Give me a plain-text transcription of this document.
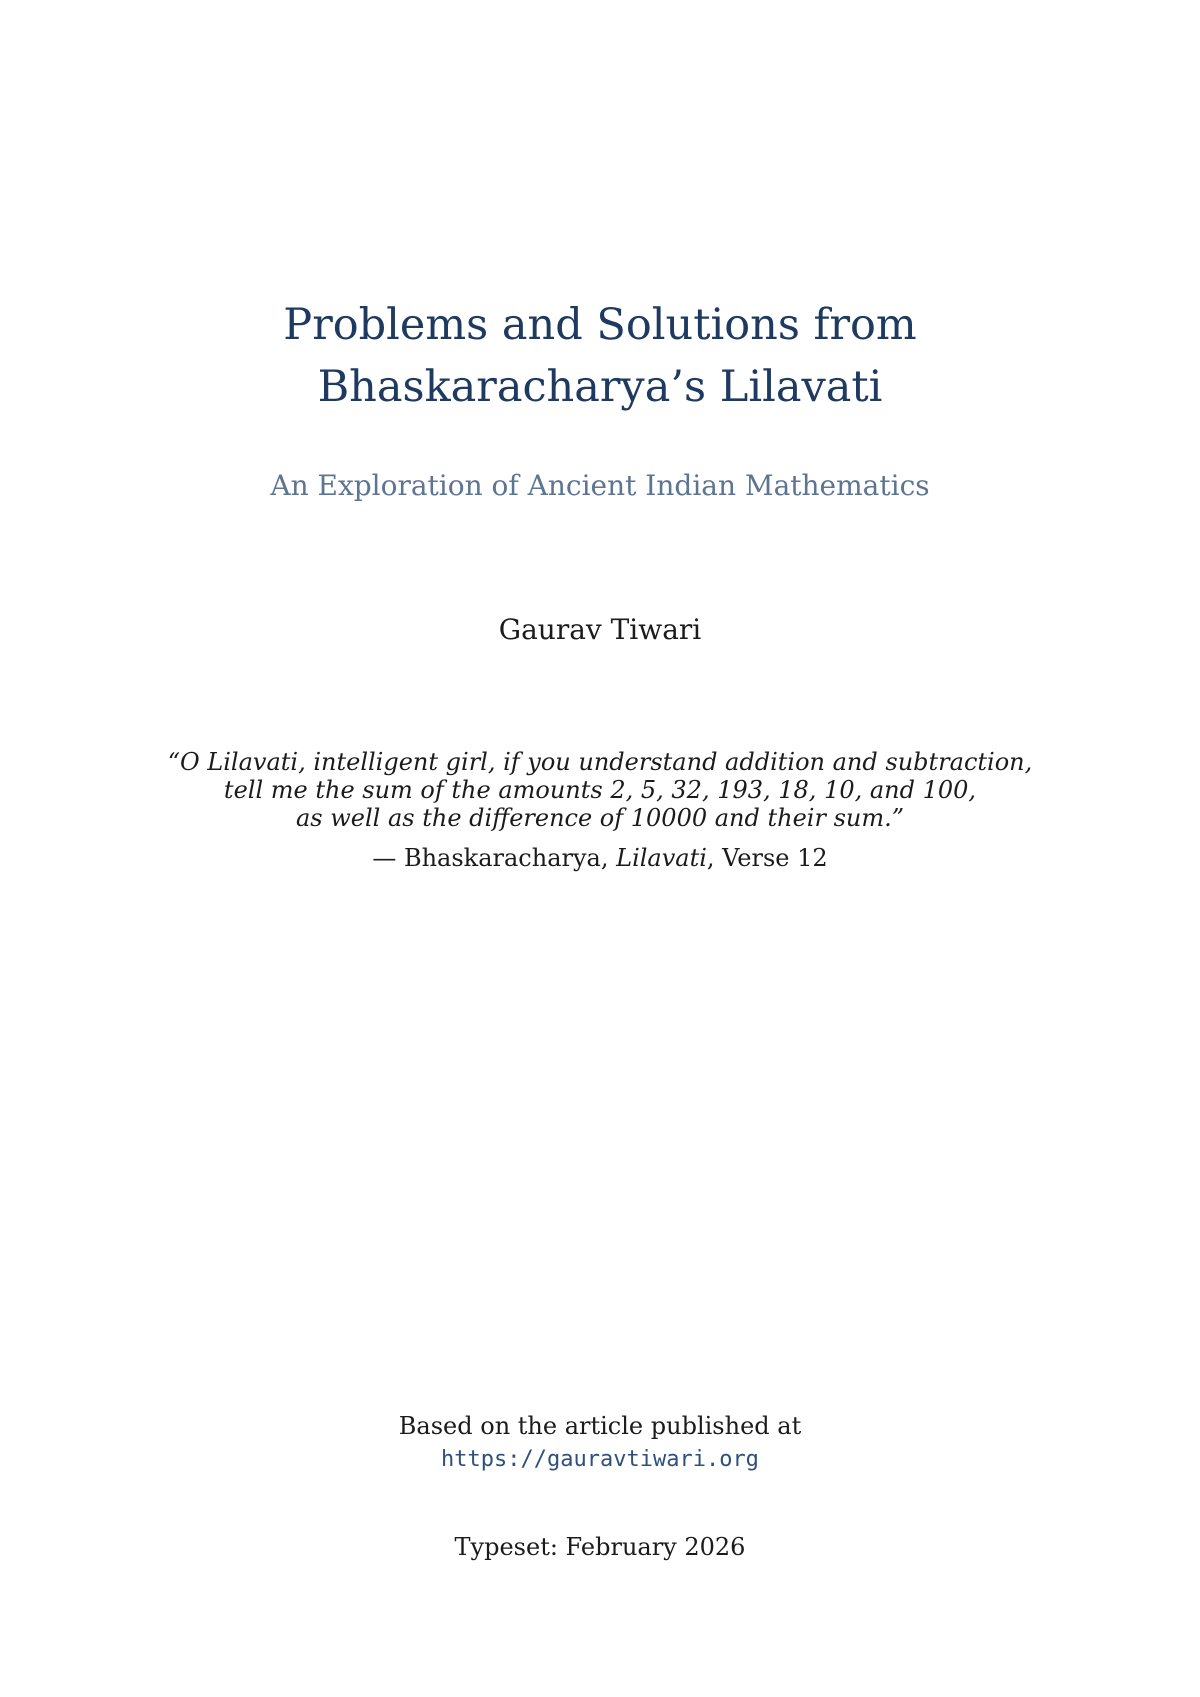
Problems and Solutions from
Bhaskaracharya’s Lilavati
An Exploration of Ancient Indian Mathematics
Gaurav Tiwari
“O Lilavati, intelligent girl, if you understand addition and subtraction,
tell me the sum of the amounts 2, 5, 32, 193, 18, 10, and 100,
as well as the difference of 10000 and their sum.”
— Bhaskaracharya, Lilavati, Verse 12
Based on the article published at
https://gauravtiwari.org
Typeset: February 2026
